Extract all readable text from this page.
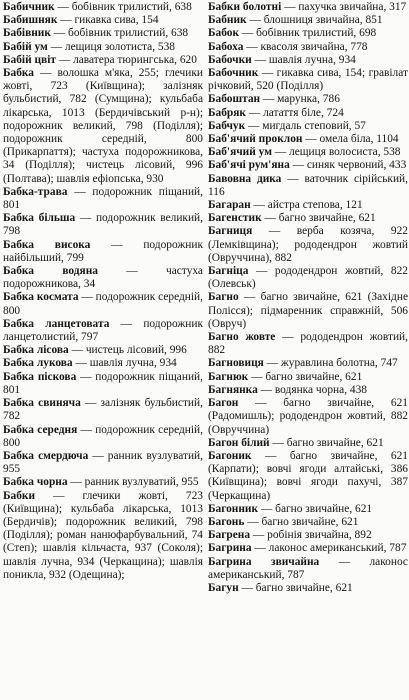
Бабичник — бобівник трилистий, 638
Бабишняк — гикавка сива, 154
Бабівник — бобівник трилистий, 638
Бабій ум — лещиця золотиста, 538
Бабій цвіт — лаватера тюрингська, 620
Бабка — волошка м'яка, 255; глечики жовті, 723 (Київщина); залізняк бульбистий, 782 (Сумщина); кульбаба лікарська, 1013 (Бердичівський р-н); подорожник великий, 798 (Поділля); подорожник середній, 800 (Прикарпаття); частуха подорожникова, 34 (Поділля); чистець лісовий, 996 (Полтава); шавлія ефіопська, 930
Бабка-трава — подорожник піщаний, 801
Бабка більша — подорожник великий, 798
Бабка висока — подорожник найбільший, 799
Бабка водяна — частуха подорожникова, 34
Бабка космата — подорожник середній, 800
Бабка ланцетовата — подорожник ланцетолистий, 797
Бабка лісова — чистець лісовий, 996
Бабка лукова — шавлія лучна, 934
Бабка піскова — подорожник піщаний, 801
Бабка свиняча — залізняк бульбистий, 782
Бабка середня — подорожник середній, 800
Бабка смердюча — ранник вузлуватий, 955
Бабка чорна — ранник вузлуватий, 955
Бабки — глечики жовті, 723 (Київщина); кульбаба лікарська, 1013 (Бердичів); подорожник великий, 798 (Поділля); роман нанюфарбувальний, 74 (Степ); шавлія кільчаста, 937 (Соколя); шавлія лучна, 934 (Черкащина); шавлія поникла, 932 (Одещина);
Бабки болотні — пахучка звичайна, 317
Бабник — блошниця звичайна, 851
Бабок — бобівник трилистий, 698
Бабоха — квасоля звичайна, 778
Бабочки — шавлія лучна, 934
Бабочник — гикавка сива, 154; гравілат річковий, 520 (Поділля)
Бабоштан — марунка, 786
Бабряк — латаття біле, 724
Бабчук — мигдаль степовий, 57
Баб'ячий проклон — омела біла, 1104
Баб'ячий ум — лещиця волосиста, 538
Баб'ячі рум'яна — синяк червоний, 433
Бавовна дика — ваточник сірійський, 116
Багаран — айстра степова, 121
Багенстик — багно звичайне, 621
Багниця — верба козяча, 922 (Лемківщина); рододендрон жовтий (Овруччина), 882
Багніца — рододендрон жовтий, 822 (Олевськ)
Багно — багно звичайне, 621 (Західне Полісся); підмаренник справжній, 506 (Овруч)
Багно жовте — рододендрон жовтий, 882
Багновиця — журавлина болотна, 747
Багнюк — багно звичайне, 621
Багнянка — водянка чорна, 438
Багон — багно звичайне, 621 (Радомишль); рододендрон жовтий, 882 (Овруччина)
Багон білий — багно звичайне, 621
Багоник — багно звичайне, 621 (Карпати); вовчі ягоди алтайські, 386 (Київщина); вовчі ягоди пахучі, 387 (Черкащина)
Багонник — багно звичайне, 621
Багонь — багно звичайне, 621
Багрена — робінія звичайна, 892
Багрина — лаконос американський, 787
Багрина звичайна — лаконос американський, 787
Багун — багно звичайне, 621
